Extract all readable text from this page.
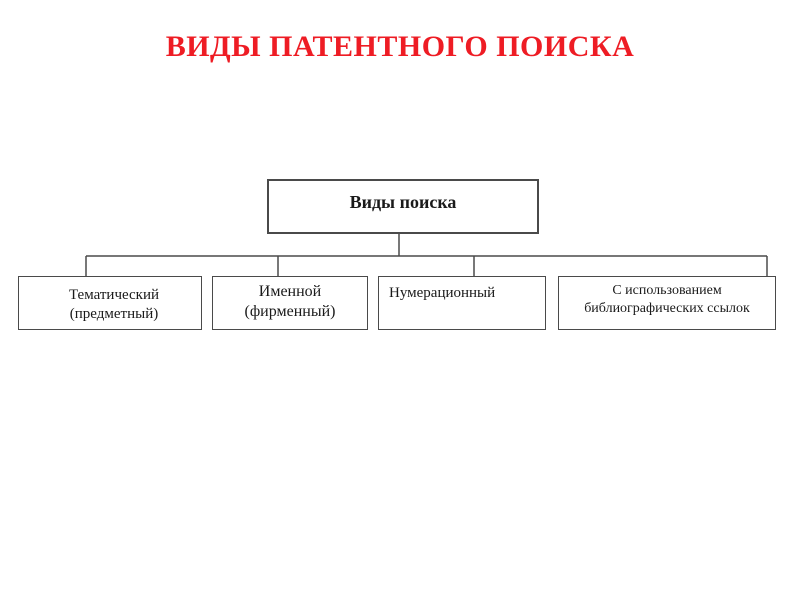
ВИДЫ ПАТЕНТНОГО ПОИСКА
Виды поиска
Тематический
(предметный)
Именной
(фирменный)
Нумерационный	С использованием
библиографических ссылок
